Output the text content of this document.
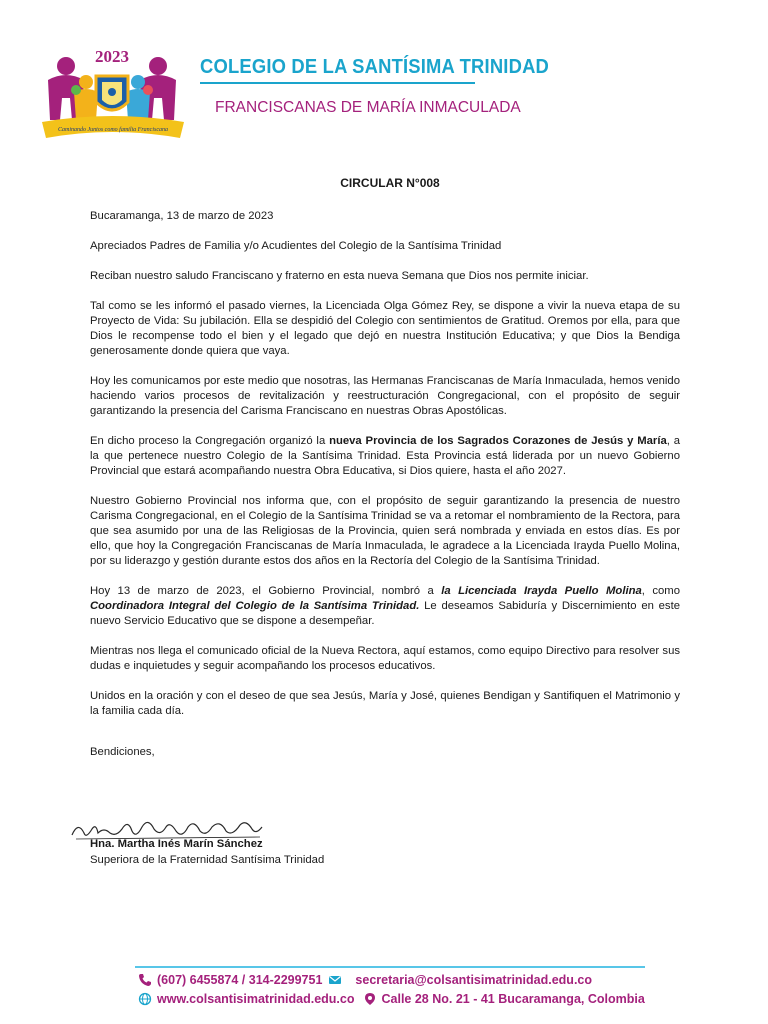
2023
Caminando Juntos como familia Franciscana
COLEGIO DE LA SANTÍSIMA TRINIDAD
FRANCISCANAS DE MARÍA INMACULADA
CIRCULAR N°008

Bucaramanga, 13 de marzo de 2023

Apreciados Padres de Familia y/o Acudientes del Colegio de la Santísima Trinidad

Reciban nuestro saludo Franciscano y fraterno en esta nueva Semana que Dios nos permite iniciar.

Tal como se les informó el pasado viernes, la Licenciada Olga Gómez Rey, se dispone a vivir la nueva etapa de su Proyecto de Vida: Su jubilación. Ella se despidió del Colegio con sentimientos de Gratitud. Oremos por ella, para que Dios le recompense todo el bien y el legado que dejó en nuestra Institución Educativa; y que Dios la Bendiga generosamente donde quiera que vaya.

Hoy les comunicamos por este medio que nosotras, las Hermanas Franciscanas de María Inmaculada, hemos venido haciendo varios procesos de revitalización y reestructuración Congregacional, con el propósito de seguir garantizando la presencia del Carisma Franciscano en nuestras Obras Apostólicas.

En dicho proceso la Congregación organizó la nueva Provincia de los Sagrados Corazones de Jesús y María, a la que pertenece nuestro Colegio de la Santísima Trinidad. Esta Provincia está liderada por un nuevo Gobierno Provincial que estará acompañando nuestra Obra Educativa, si Dios quiere, hasta el año 2027.

Nuestro Gobierno Provincial nos informa que, con el propósito de seguir garantizando la presencia de nuestro Carisma Congregacional, en el Colegio de la Santísima Trinidad se va a retomar el nombramiento de la Rectora, para que sea asumido por una de las Religiosas de la Provincia, quien será nombrada y enviada en estos días. Es por ello, que hoy la Congregación Franciscanas de María Inmaculada, le agradece a la Licenciada Irayda Puello Molina, por su liderazgo y gestión durante estos dos años en la Rectoría del Colegio de la Santísima Trinidad.

Hoy 13 de marzo de 2023, el Gobierno Provincial, nombró a la Licenciada Irayda Puello Molina, como Coordinadora Integral del Colegio de la Santísima Trinidad. Le deseamos Sabiduría y Discernimiento en este nuevo Servicio Educativo que se dispone a desempeñar.

Mientras nos llega el comunicado oficial de la Nueva Rectora, aquí estamos, como equipo Directivo para resolver sus dudas e inquietudes y seguir acompañando los procesos educativos.

Unidos en la oración y con el deseo de que sea Jesús, María y José, quienes Bendigan y Santifiquen el Matrimonio y la familia cada día.

Bendiciones,

Hna. Martha Inés Marín Sánchez
Superiora de la Fraternidad Santísima Trinidad
(607) 6455874 / 314-2299751	secretaria@colsantisimatrinidad.edu.co
www.colsantisimatrinidad.edu.co Calle 28 No. 21 - 41 Bucaramanga, Colombia
